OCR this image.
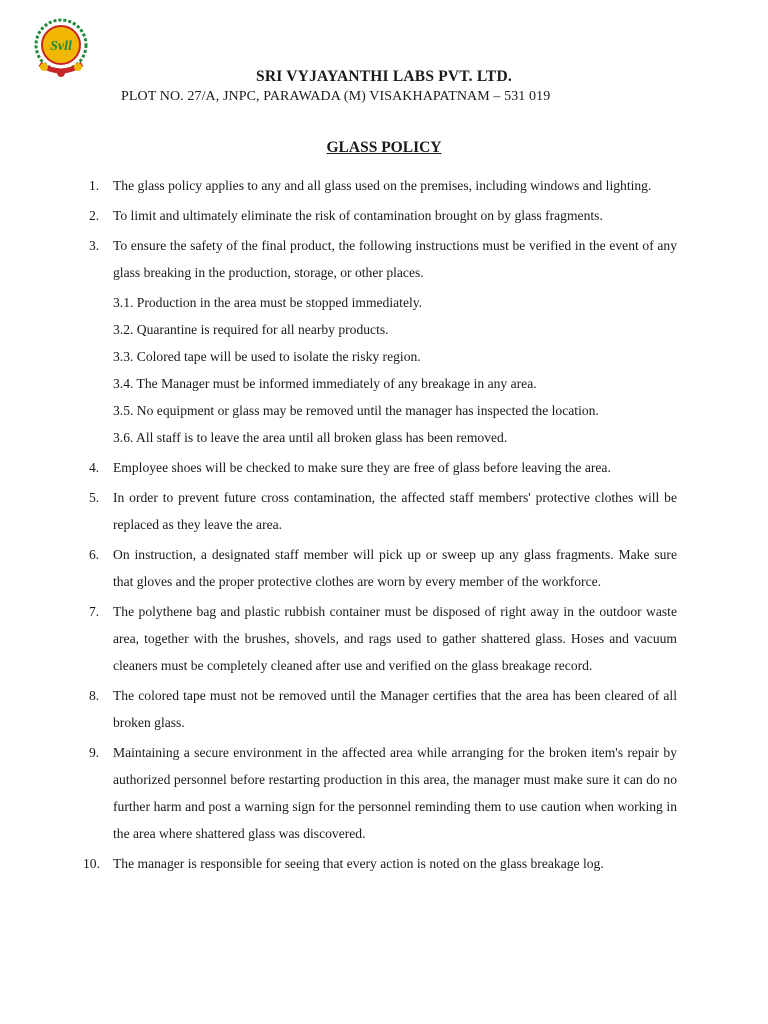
Svll
SRI VYJAYANTHI LABS PVT. LTD.
PLOT NO. 27/A, JNPC, PARAWADA (M) VISAKHAPATNAM – 531 019
GLASS POLICY
1. The glass policy applies to any and all glass used on the premises, including windows and lighting.
2. To limit and ultimately eliminate the risk of contamination brought on by glass fragments.
3. To ensure the safety of the final product, the following instructions must be verified in the event of any glass breaking in the production, storage, or other places.
3.1. Production in the area must be stopped immediately.
3.2. Quarantine is required for all nearby products.
3.3. Colored tape will be used to isolate the risky region.
3.4. The Manager must be informed immediately of any breakage in any area.
3.5. No equipment or glass may be removed until the manager has inspected the location.
3.6. All staff is to leave the area until all broken glass has been removed.
4. Employee shoes will be checked to make sure they are free of glass before leaving the area.
5. In order to prevent future cross contamination, the affected staff members' protective clothes will be replaced as they leave the area.
6. On instruction, a designated staff member will pick up or sweep up any glass fragments. Make sure that gloves and the proper protective clothes are worn by every member of the workforce.
7. The polythene bag and plastic rubbish container must be disposed of right away in the outdoor waste area, together with the brushes, shovels, and rags used to gather shattered glass. Hoses and vacuum cleaners must be completely cleaned after use and verified on the glass breakage record.
8. The colored tape must not be removed until the Manager certifies that the area has been cleared of all broken glass.
9. Maintaining a secure environment in the affected area while arranging for the broken item's repair by authorized personnel before restarting production in this area, the manager must make sure it can do no further harm and post a warning sign for the personnel reminding them to use caution when working in the area where shattered glass was discovered.
10. The manager is responsible for seeing that every action is noted on the glass breakage log.
